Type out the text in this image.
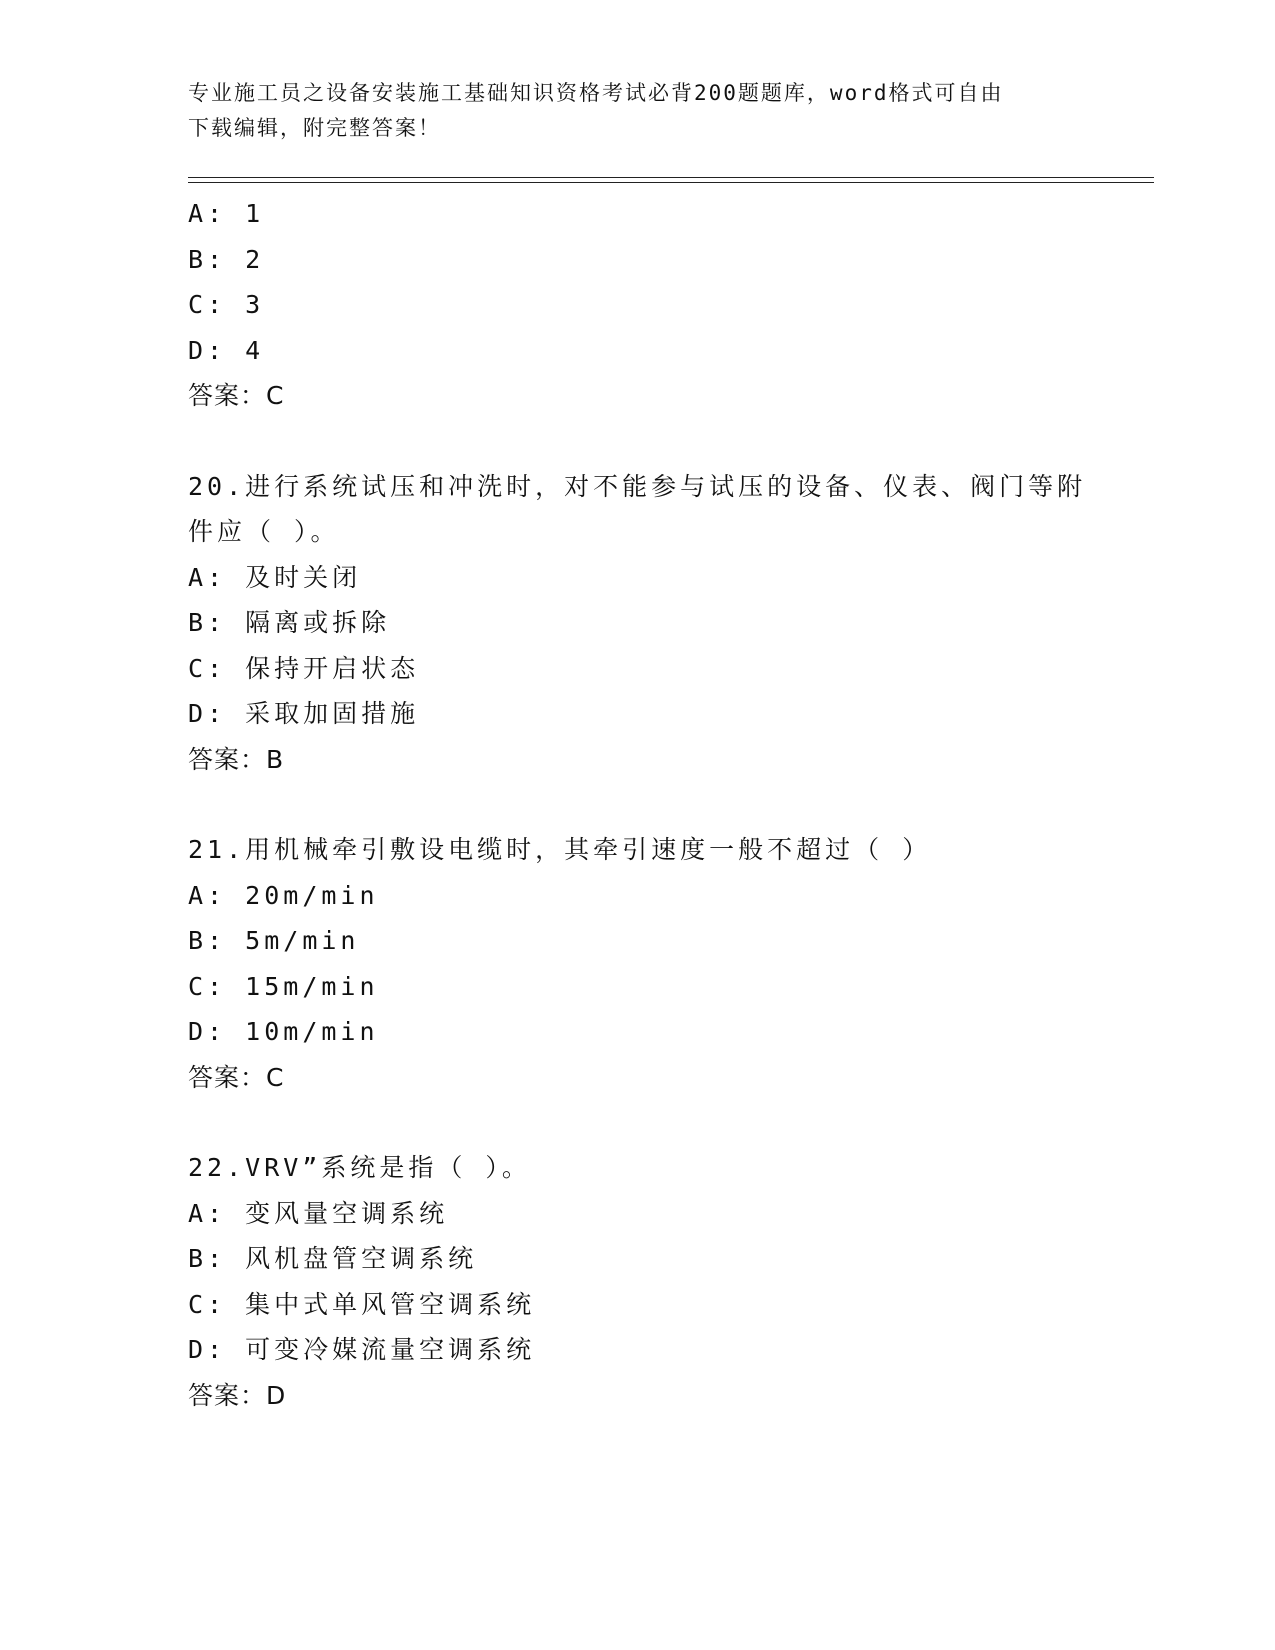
专业施工员之设备安装施工基础知识资格考试必背200题题库，word格式可自由
下载编辑，附完整答案！
A: 1
B: 2
C: 3
D: 4
答案：C
20.进行系统试压和冲洗时，对不能参与试压的设备、仪表、阀门等附
件应（ ）。
A: 及时关闭
B: 隔离或拆除
C: 保持开启状态
D: 采取加固措施
答案：B
21.用机械牵引敷设电缆时，其牵引速度一般不超过（ ）
A: 20m/min
B: 5m/min
C: 15m/min
D: 10m/min
答案：C
22.VRV”系统是指（ ）。
A: 变风量空调系统
B: 风机盘管空调系统
C: 集中式单风管空调系统
D: 可变冷媒流量空调系统
答案：D
